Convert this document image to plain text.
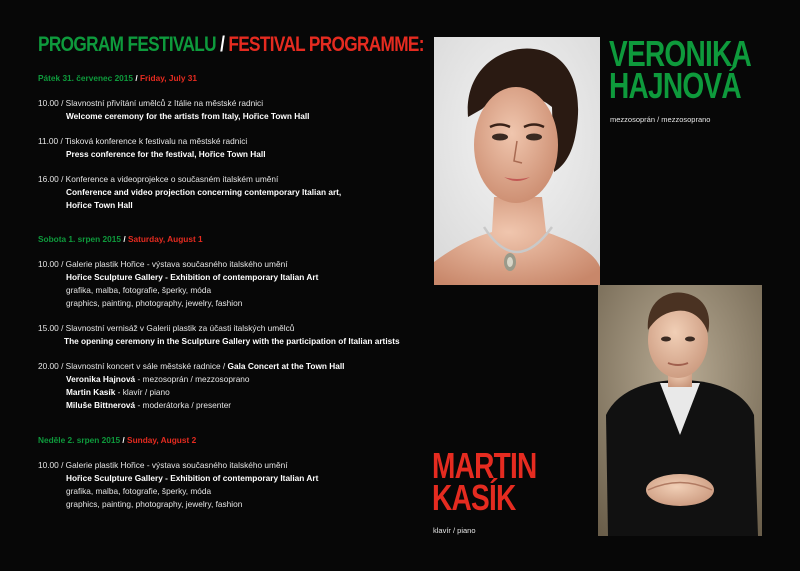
PROGRAM FESTIVALU / FESTIVAL PROGRAMME:

Pátek 31. červenec 2015 / Friday, July 31

10.00 / Slavnostní přivítání umělců z Itálie na městské radnici

Welcome ceremony for the artists from Italy, Hořice Town Hall

11.00 / Tisková konference k festivalu na městské radnici

Press conference for the festival, Hořice Town Hall

16.00 / Konference a videoprojekce o současném italském umění

Conference and video projection concerning contemporary Italian art,

Hořice Town Hall

Sobota 1. srpen 2015 / Saturday, August 1

10.00 / Galerie plastik Hořice - výstava současného italského umění

Hořice Sculpture Gallery - Exhibition of contemporary Italian Art

grafika, malba, fotografie, šperky, móda

graphics, painting, photography, jewelry, fashion

15.00 / Slavnostní vernisáž v Galerii plastik za účasti italských umělců

The opening ceremony in the Sculpture Gallery with the participation of Italian artists

20.00 / Slavnostní koncert v sále městské radnice / Gala Concert at the Town Hall

Veronika Hajnová - mezosoprán / mezzosoprano

Martin Kasík - klavír / piano

Miluše Bittnerová - moderátorka / presenter

Neděle 2. srpen 2015 / Sunday, August 2

10.00 / Galerie plastik Hořice - výstava současného italského umění

Hořice Sculpture Gallery - Exhibition of contemporary Italian Art

grafika, malba, fotografie, šperky, móda

graphics, painting, photography, jewelry, fashion

VERONIKA
HAJNOVÁ

mezzosoprán / mezzosoprano

MARTIN
KASÍK

klavír / piano
